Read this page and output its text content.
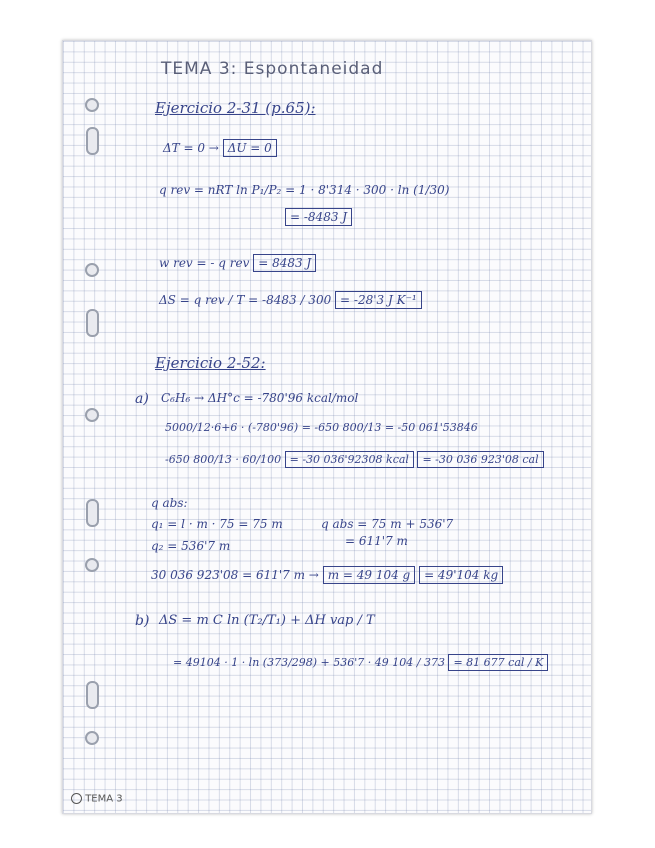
TEMA 3: Espontaneidad
Ejercicio 2-31 (p.65):
ΔT = 0 → ΔU = 0
q rev = nRT ln P₁/P₂ = 1 · 8'314 · 300 · ln (1/30)
= -8483 J
w rev = - q rev = 8483 J
ΔS = q rev / T = -8483 / 300 = -28'3 J K⁻¹
Ejercicio 2-52:
a) C₆H₆ → ΔH°c = -780'96 kcal/mol
5000/12·6+6 · (-780'96) = -650 800/13 = -50 061'53846
-650 800/13 · 60/100 = -30 036'92308 kcal = -30 036 923'08 cal
q abs:
q₁ = l · m · 75 = 75 m	q abs = 75 m + 536'7
q₂ = 536'7 m	= 611'7 m
30 036 923'08 = 611'7 m → m = 49 104 g = 49'104 kg
b) ΔS = m C ln (T₂/T₁) + ΔH vap / T
= 49104 · 1 · ln (373/298) + 536'7 · 49 104 / 373 = 81 677 cal / K
TEMA 3
